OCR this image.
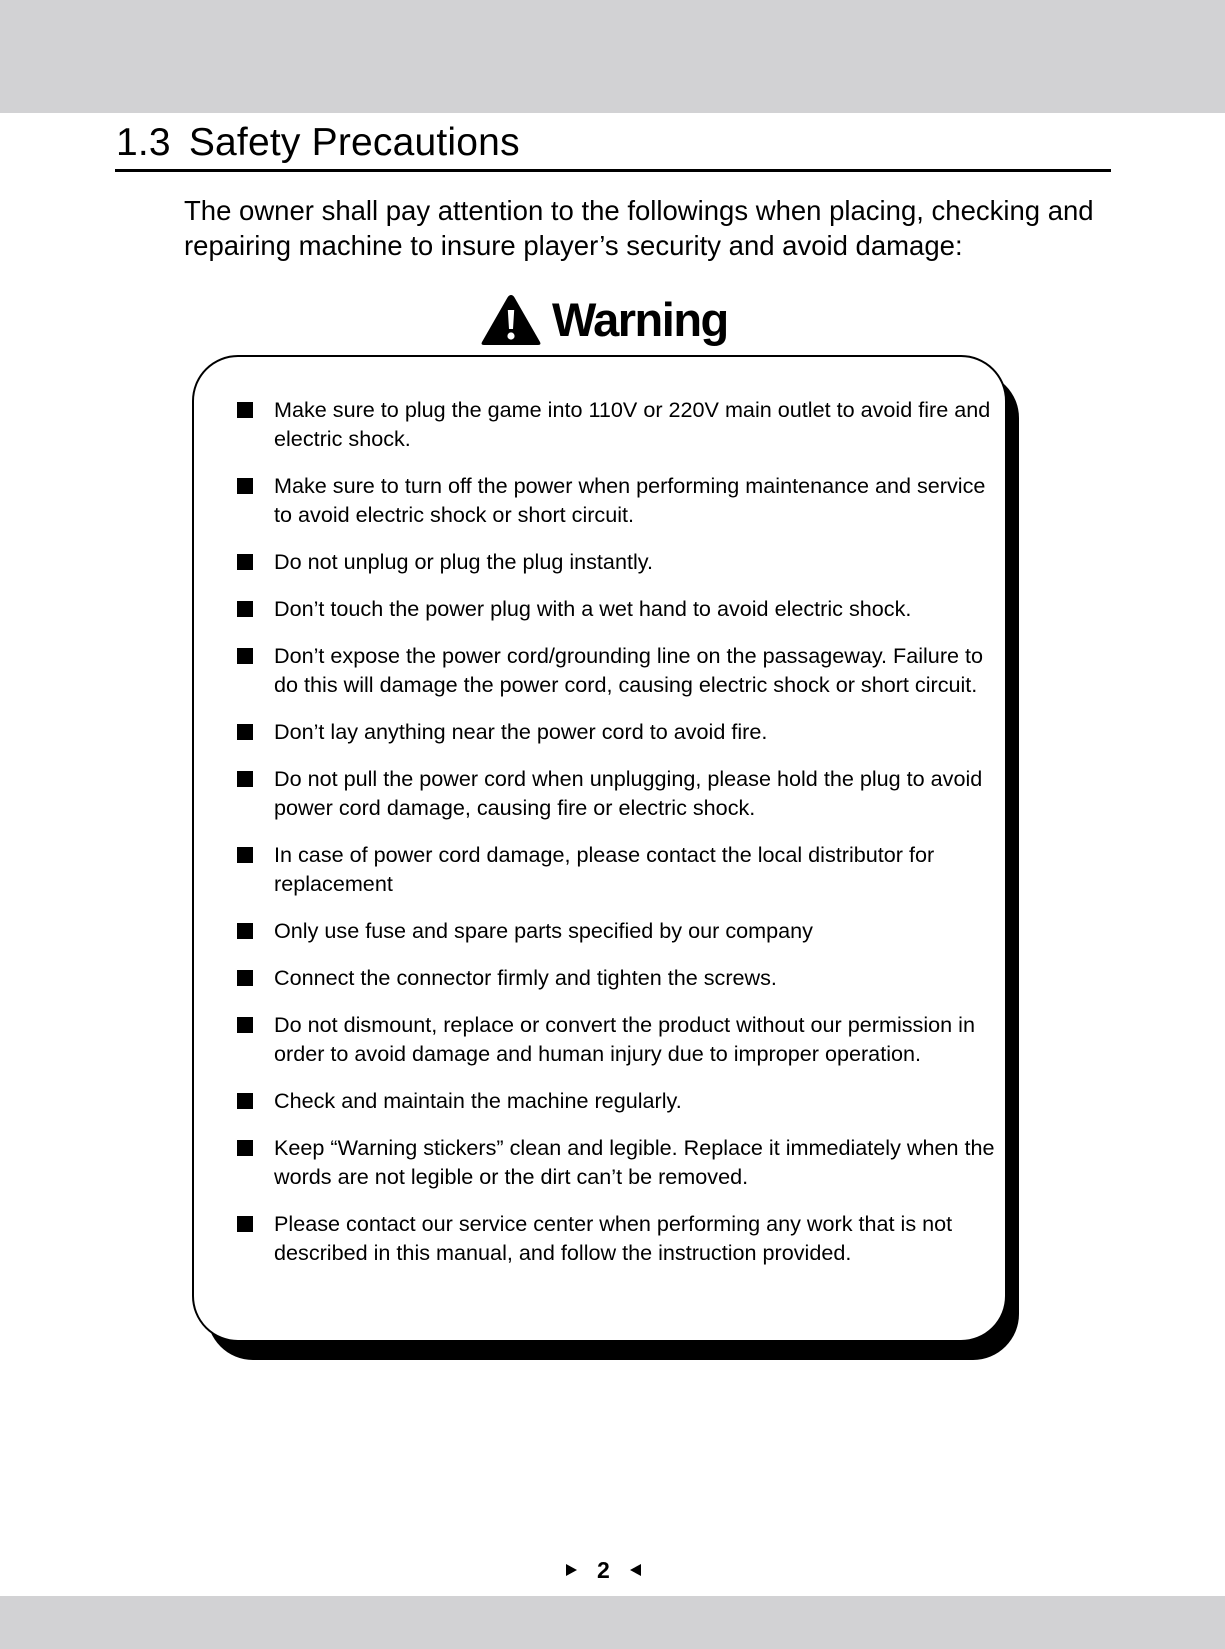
1.3 Safety Precautions

The owner shall pay attention to the followings when placing, checking and repairing machine to insure player’s security and avoid damage:

Warning
Make sure to plug the game into 110V or 220V main outlet to avoid fire and electric shock.
Make sure to turn off the power when performing maintenance and service to avoid electric shock or short circuit.
Do not unplug or plug the plug instantly.
Don’t touch the power plug with a wet hand to avoid electric shock.
Don’t expose the power cord/grounding line on the passageway. Failure to do this will damage the power cord, causing electric shock or short circuit.
Don’t lay anything near the power cord to avoid fire.
Do not pull the power cord when unplugging, please hold the plug to avoid power cord damage, causing fire or electric shock.
In case of power cord damage, please contact the local distributor for replacement
Only use fuse and spare parts specified by our company
Connect the connector firmly and tighten the screws.
Do not dismount, replace or convert the product without our permission in order to avoid damage and human injury due to improper operation.
Check and maintain the machine regularly.
Keep “Warning stickers” clean and legible. Replace it immediately when the words are not legible or the dirt can’t be removed.
Please contact our service center when performing any work that is not described in this manual, and follow the instruction provided.
2
